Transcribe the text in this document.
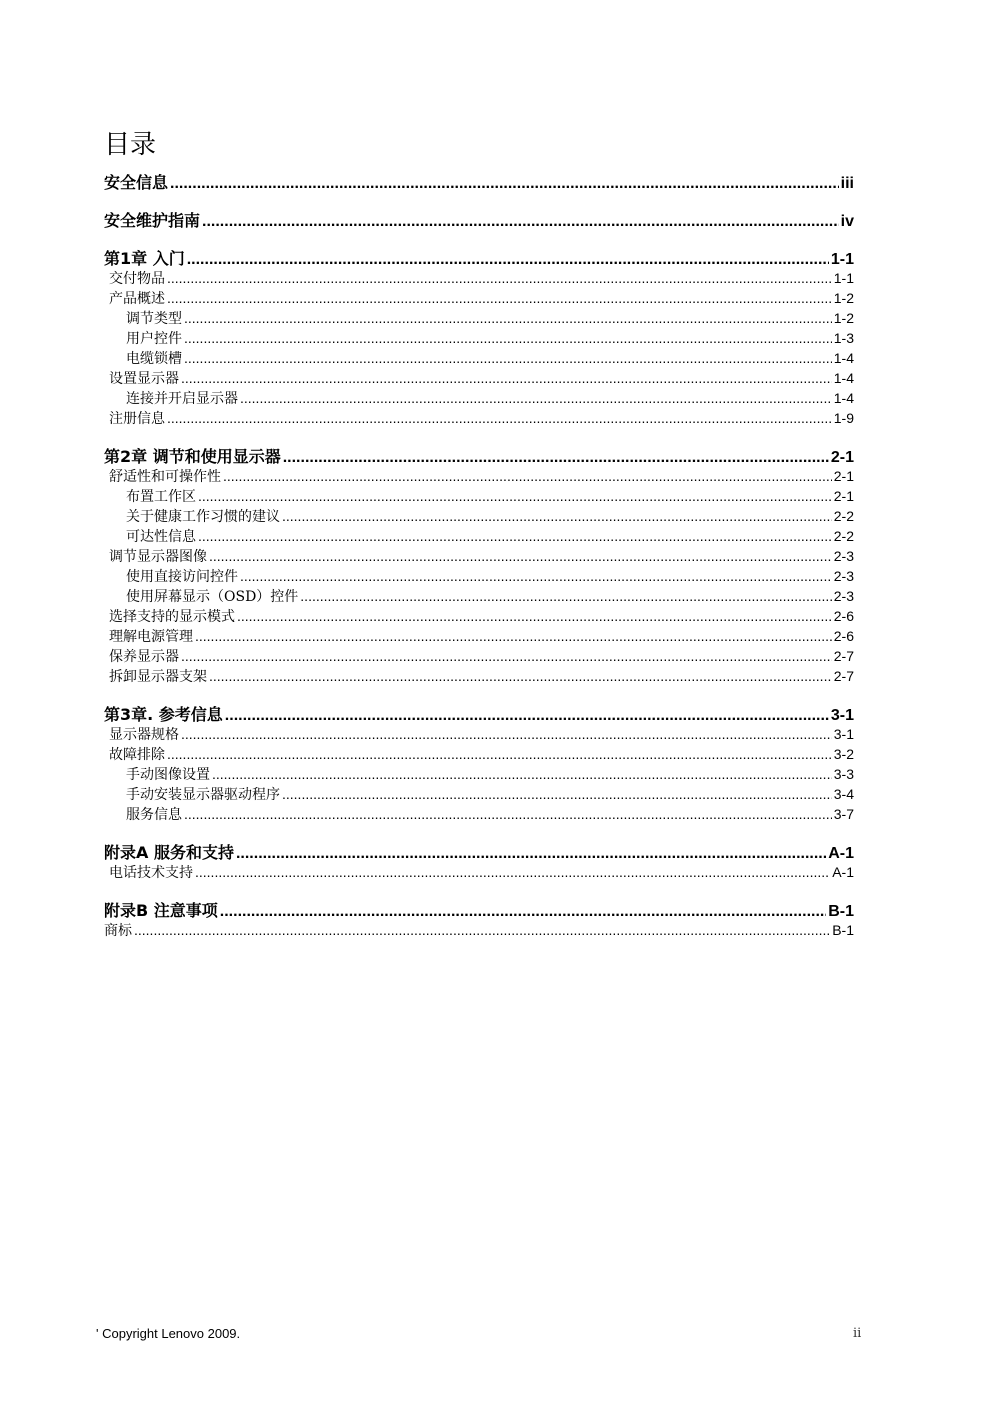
目录
安全信息 .....	iii
安全维护指南 .....	iv
第1章 入门 .....	1-1
交付物品 .....	1-1
产品概述 .....	1-2
调节类型 .....	1-2
用户控件 .....	1-3
电缆锁槽 .....	1-4
设置显示器 .....	1-4
连接并开启显示器 .....	1-4
注册信息 .....	1-9
第2章 调节和使用显示器 .....	2-1
舒适性和可操作性 .....	2-1
布置工作区 .....	2-1
关于健康工作习惯的建议 .....	2-2
可达性信息 .....	2-2
调节显示器图像 .....	2-3
使用直接访问控件 .....	2-3
使用屏幕显示（OSD）控件 .....	2-3
选择支持的显示模式 .....	2-6
理解电源管理 .....	2-6
保养显示器 .....	2-7
拆卸显示器支架 .....	2-7
第3章. 参考信息 .....	3-1
显示器规格 .....	3-1
故障排除 .....	3-2
手动图像设置 .....	3-3
手动安装显示器驱动程序 .....	3-4
服务信息 .....	3-7
附录A 服务和支持 .....	A-1
电话技术支持 .....	A-1
附录B 注意事项 .....	B-1
商标 .....	B-1
' Copyright Lenovo 2009.	ii
